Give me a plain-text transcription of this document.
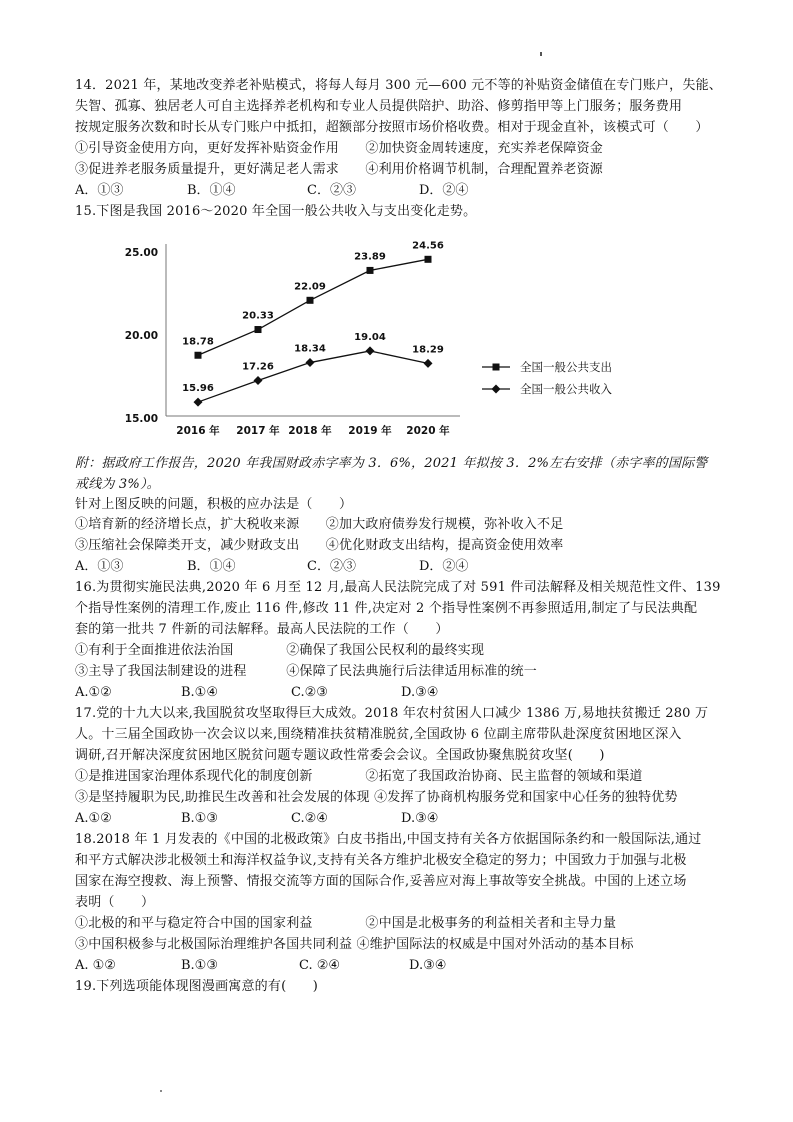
14．2021 年，某地改变养老补贴模式，将每人每月 300 元—600 元不等的补贴资金储值在专门账户，失能、
失智、孤寡、独居老人可自主选择养老机构和专业人员提供陪护、助浴、修剪指甲等上门服务；服务费用
按规定服务次数和时长从专门账户中抵扣，超额部分按照市场价格收费。相对于现金直补，该模式可（　　）
①引导资金使用方向，更好发挥补贴资金作用　　②加快资金周转速度，充实养老保障资金
③促进养老服务质量提升，更好满足老人需求　　④利用价格调节机制，合理配置养老资源
A．①③	B．①④	C．②③	D．②④
15.下图是我国 2016～2020 年全国一般公共收入与支出变化走势。
25.00
20.00
15.00
2016 年 2017 年 2018 年 2019 年 2020 年
18.78
20.33
22.09
23.89
24.56
15.96
17.26
18.34
19.04
18.29
全国一般公共支出
全国一般公共收入
附：据政府工作报告，2020 年我国财政赤字率为 3．6%，2021 年拟按 3．2%左右安排（赤字率的国际警
戒线为 3%）。
针对上图反映的问题，积极的应办法是（　　）
①培育新的经济增长点，扩大税收来源　　②加大政府债券发行规模，弥补收入不足
③压缩社会保障类开支，减少财政支出　　④优化财政支出结构，提高资金使用效率
A．①③	B．①④	C．②③	D．②④
16.为贯彻实施民法典,2020 年 6 月至 12 月,最高人民法院完成了对 591 件司法解释及相关规范性文件、139
个指导性案例的清理工作,废止 116 件,修改 11 件,决定对 2 个指导性案例不再参照适用,制定了与民法典配
套的第一批共 7 件新的司法解释。最高人民法院的工作（　　）
①有利于全面推进依法治国　　　　②确保了我国公民权利的最终实现
③主导了我国法制建设的进程　　　④保障了民法典施行后法律适用标准的统一
A.①②	B.①④	C.②③	D.③④
17.党的十九大以来,我国脱贫攻坚取得巨大成效。2018 年农村贫困人口减少 1386 万,易地扶贫搬迁 280 万
人。十三届全国政协一次会议以来,围绕精准扶贫精准脱贫,全国政协 6 位副主席带队赴深度贫困地区深入
调研,召开解决深度贫困地区脱贫问题专题议政性常委会会议。全国政协聚焦脱贫攻坚(　　)
①是推进国家治理体系现代化的制度创新　　　　②拓宽了我国政治协商、民主监督的领域和渠道
③是坚持履职为民,助推民生改善和社会发展的体现 ④发挥了协商机构服务党和国家中心任务的独特优势
A.①②	B.①③	C.②④	D.③④
18.2018 年 1 月发表的《中国的北极政策》白皮书指出,中国支持有关各方依据国际条约和一般国际法,通过
和平方式解决涉北极领土和海洋权益争议,支持有关各方维护北极安全稳定的努力；中国致力于加强与北极
国家在海空搜救、海上预警、情报交流等方面的国际合作,妥善应对海上事故等安全挑战。中国的上述立场
表明（　　）
①北极的和平与稳定符合中国的国家利益　　　　②中国是北极事务的利益相关者和主导力量
③中国积极参与北极国际治理维护各国共同利益 ④维护国际法的权威是中国对外活动的基本目标
A. ①②	B.①③	C. ②④	D.③④
19.下列选项能体现图漫画寓意的有(　　)
